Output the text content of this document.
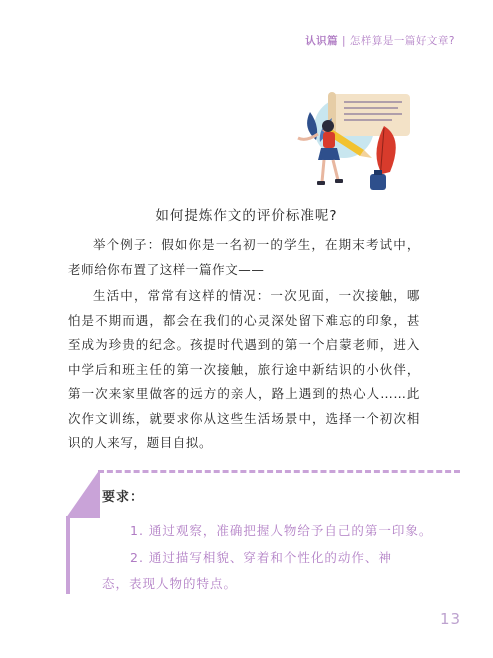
认识篇 | 怎样算是一篇好文章?
如何提炼作文的评价标准呢?

举个例子：假如你是一名初一的学生，在期末考试中，老师给你布置了这样一篇作文——

生活中，常常有这样的情况：一次见面，一次接触，哪怕是不期而遇，都会在我们的心灵深处留下难忘的印象，甚至成为珍贵的纪念。孩提时代遇到的第一个启蒙老师，进入中学后和班主任的第一次接触，旅行途中新结识的小伙伴，第一次来家里做客的远方的亲人，路上遇到的热心人……此次作文训练，就要求你从这些生活场景中，选择一个初次相识的人来写，题目自拟。

要求：

1. 通过观察，准确把握人物给予自己的第一印象。

2. 通过描写相貌、穿着和个性化的动作、神

态，表现人物的特点。

13
